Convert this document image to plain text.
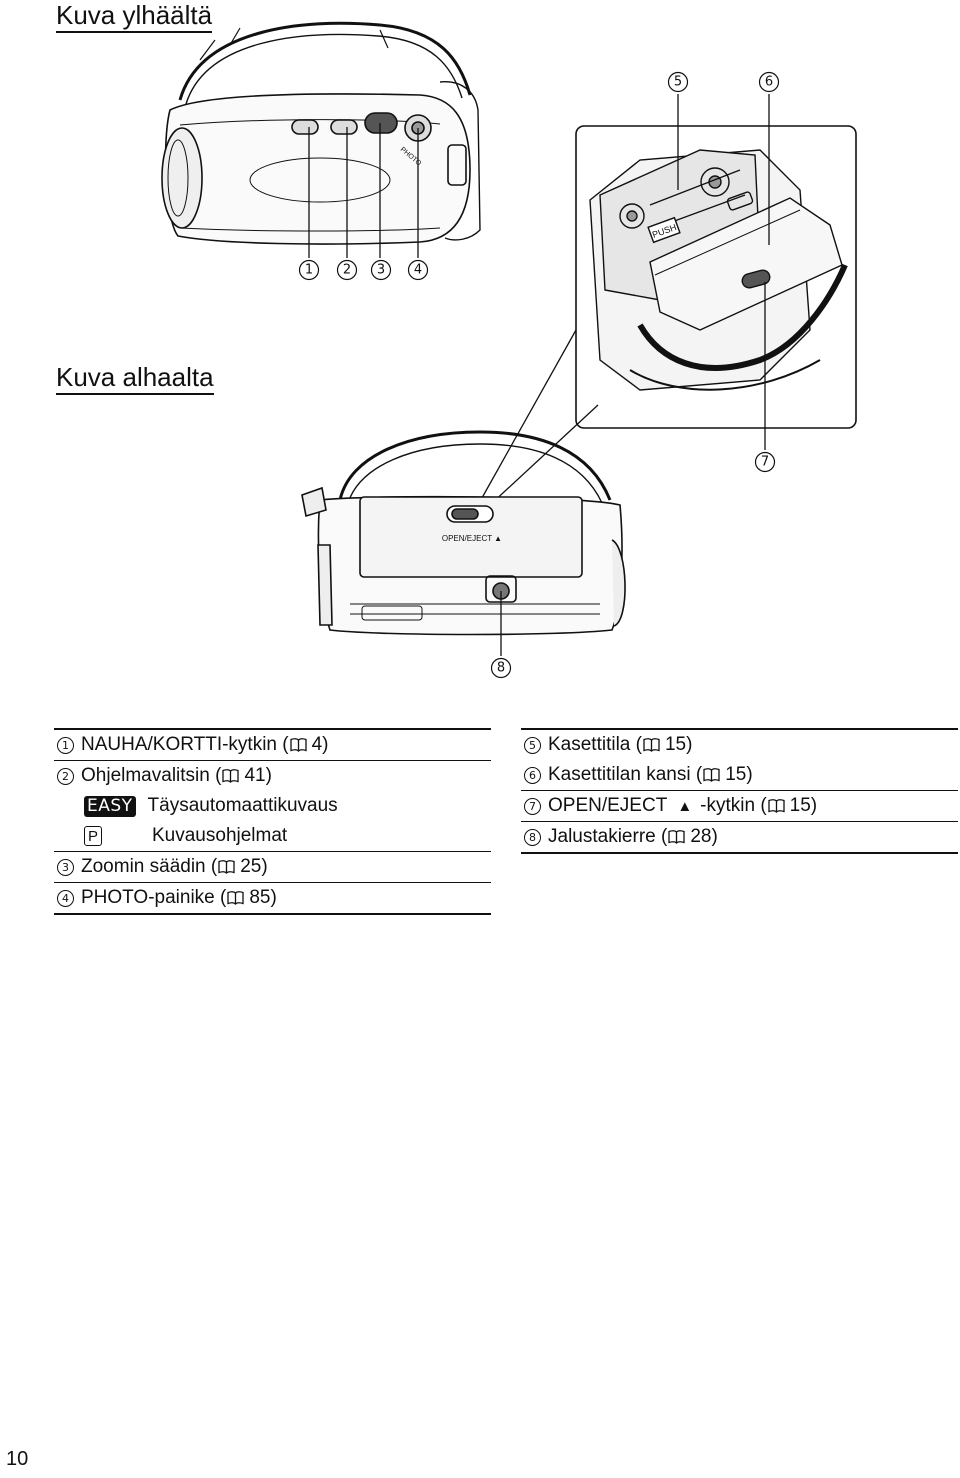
Kuva ylhäältä
Kuva alhaalta
PHOTO
1 2 3 4
PUSH
5	6
7
OPEN/EJECT ▲
8
1 NAUHA/KORTTI-kytkin ( 4)
2 Ohjelmavalitsin ( 41)
EASY Täysautomaattikuvaus
P	Kuvausohjelmat
3 Zoomin säädin ( 25)
4 PHOTO-painike ( 85)
5 Kasettitila ( 15)
6 Kasettitilan kansi ( 15)
7 OPEN/EJECT ▲ -kytkin ( 15)
8 Jalustakierre ( 28)
10
